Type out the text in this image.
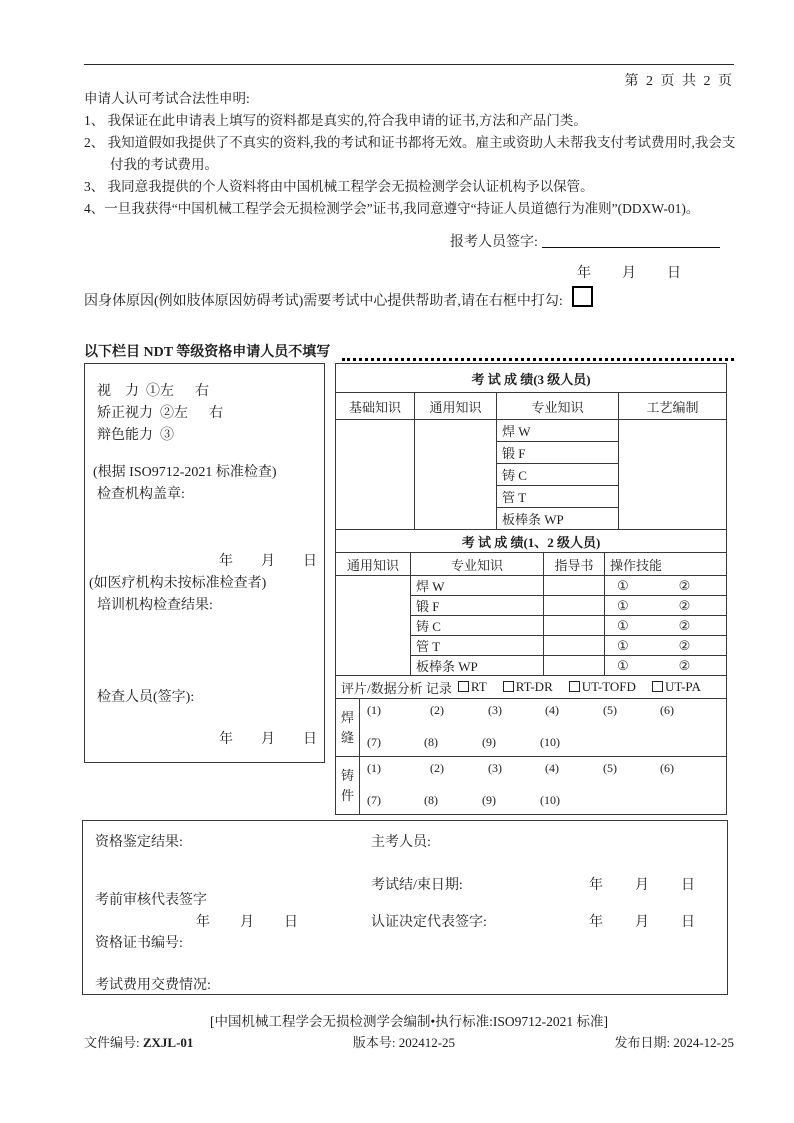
第 2 页 共 2 页
申请人认可考试合法性申明:
1、 我保证在此申请表上填写的资料都是真实的,符合我申请的证书,方法和产品门类。
2、 我知道假如我提供了不真实的资料,我的考试和证书都将无效。雇主或资助人未帮我支付考试费用时,我会支付我的考试费用。
3、 我同意我提供的个人资料将由中国机械工程学会无损检测学会认证机构予以保管。
4、一旦我获得“中国机械工程学会无损检测学会”证书,我同意遵守“持证人员道德行为准则”(DDXW-01)。
报考人员签字:
年 月 日
因身体原因(例如肢体原因妨碍考试)需要考试中心提供帮助者,请在右框中打勾:
以下栏目 NDT 等级资格申请人员不填写
视    力  ①左      右
矫正视力  ②左      右
辩色能力  ③
(根据 ISO9712-2021 标准检查)
检查机构盖章:
年 月 日
(如医疗机构未按标准检查者)
培训机构检查结果:
检查人员(签字):
年 月 日
考 试 成 绩(3 级人员)			
基础知识	通用知识	专业知识	工艺编制
		焊 W	
		锻 F	
		铸 C	
		管 T	
		板棒条 WP	
考 试 成 绩(1、2 级人员)			
通用知识	专业知识	指导书	操作技能
	焊 W		① ②

	锻 F		① ②

	铸 C		① ②

	管 T		① ②

	板棒条 WP		① ②
评片/数据分析 记录	RT	RT-DR	UT-TOFD	UT-PA
焊缝	
(1)	(2)	(3)	(4)	(5)	(6)
(7)	(8)	(9)	(10)

铸件	
(1)	(2)	(3)	(4)	(5)	(6)
(7)	(8)	(9)	(10)
资格鉴定结果:	主考人员:
考试结/束日期:	年 月 日
考前审核代表签字
年 月 日	认证决定代表签字:	年 月 日
资格证书编号:
考试费用交费情况:
[中国机械工程学会无损检测学会编制•执行标准:ISO9712-2021 标准]
文件编号: ZXJL-01	版本号: 202412-25	发布日期: 2024-12-25
